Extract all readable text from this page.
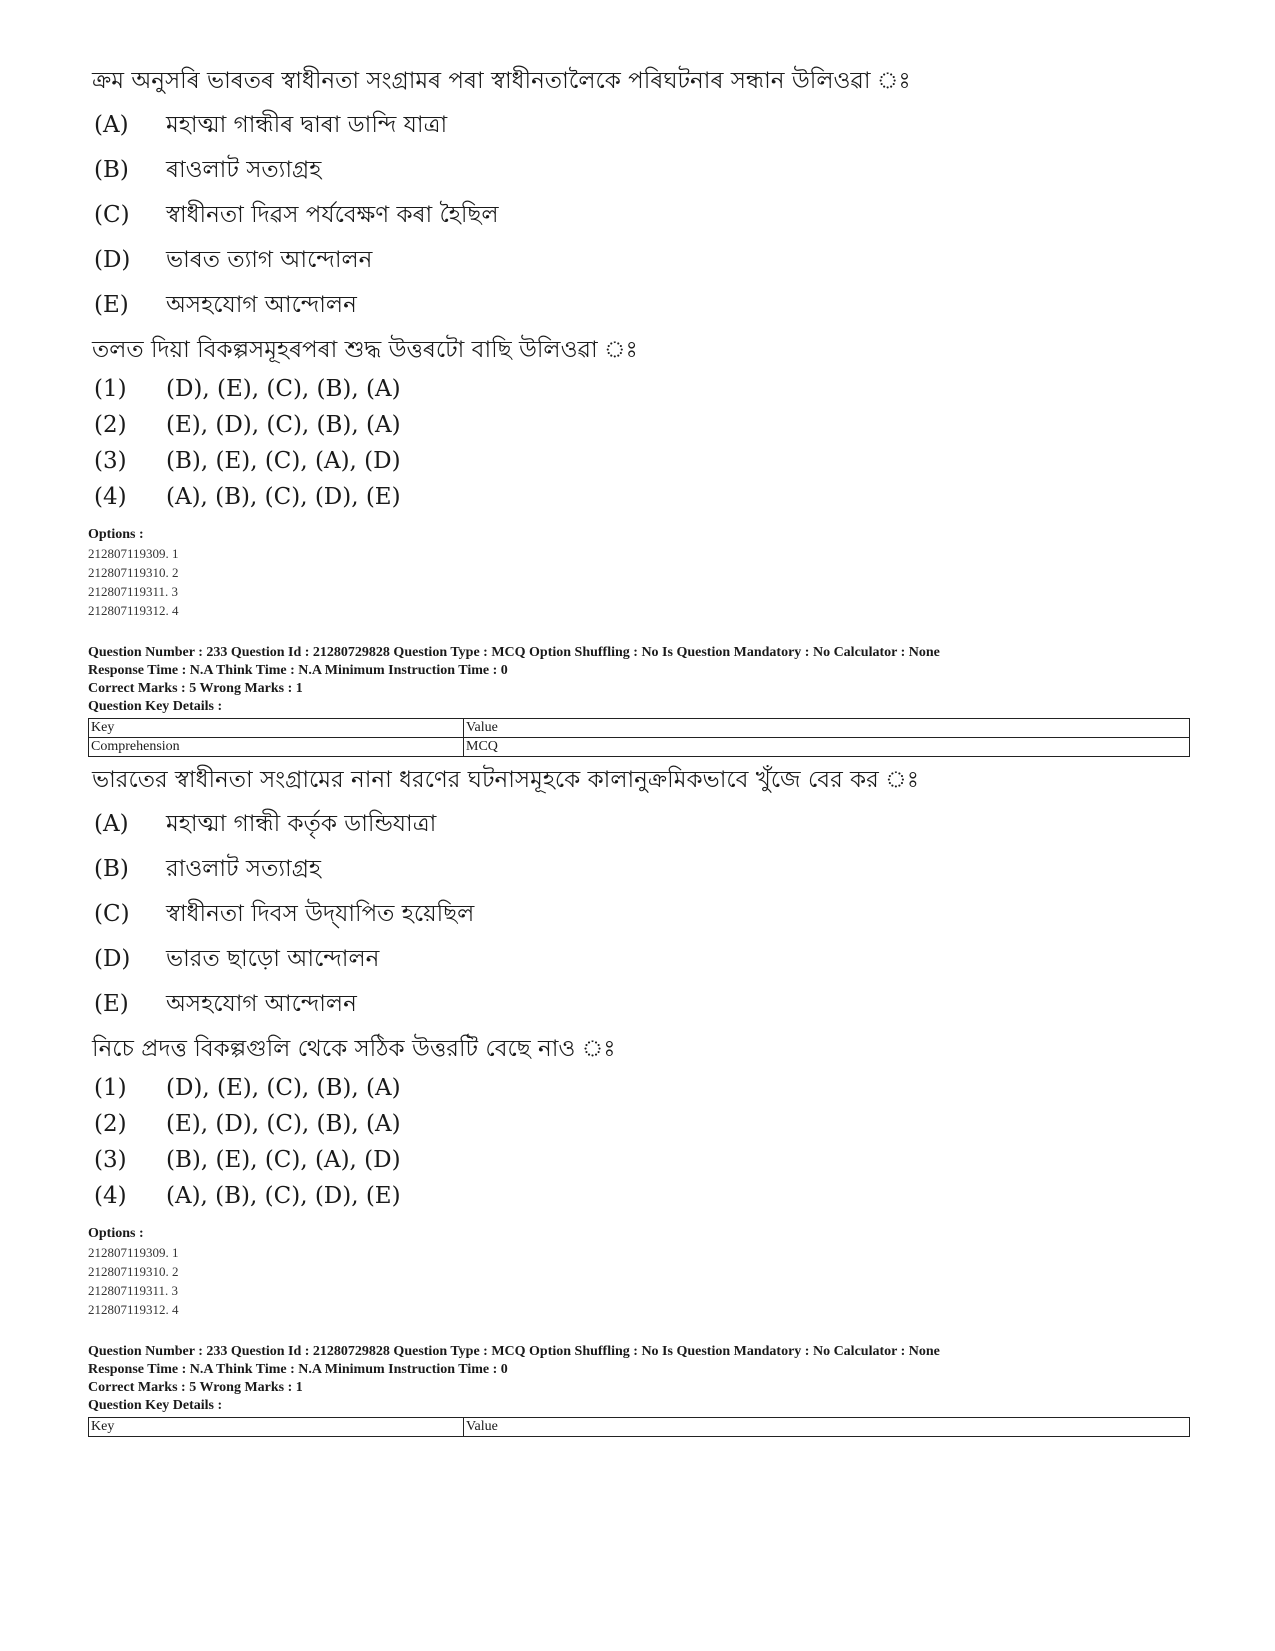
ক্ৰম অনুসৰি ভাৰতৰ স্বাধীনতা সংগ্ৰামৰ পৰা স্বাধীনতালৈকে পৰিঘটনাৰ সন্ধান উলিওৱা ঃ
(A)	মহাত্মা গান্ধীৰ দ্বাৰা ডান্দি যাত্ৰা
(B)	ৰাওলাট সত্যাগ্ৰহ
(C)	স্বাধীনতা দিৱস পৰ্যবেক্ষণ কৰা হৈছিল
(D)	ভাৰত ত্যাগ আন্দোলন
(E)	অসহযোগ আন্দোলন
তলত দিয়া বিকল্পসমূহৰপৰা শুদ্ধ উত্তৰটো বাছি উলিওৱা ঃ
(1)	(D), (E), (C), (B), (A)
(2)	(E), (D), (C), (B), (A)
(3)	(B), (E), (C), (A), (D)
(4)	(A), (B), (C), (D), (E)
Options :
212807119309. 1
212807119310. 2
212807119311. 3
212807119312. 4
Question Number : 233 Question Id : 21280729828 Question Type : MCQ Option Shuffling : No Is Question Mandatory : No Calculator : None
Response Time : N.A Think Time : N.A Minimum Instruction Time : 0
Correct Marks : 5 Wrong Marks : 1
Question Key Details :
Key	Value
Comprehension	MCQ
ভারতের স্বাধীনতা সংগ্রামের নানা ধরণের ঘটনাসমূহকে কালানুক্রমিকভাবে খুঁজে বের কর ঃ
(A)	মহাত্মা গান্ধী কর্তৃক ডান্ডিযাত্রা
(B)	রাওলাট সত্যাগ্রহ
(C)	স্বাধীনতা দিবস উদ্‌যাপিত হয়েছিল
(D)	ভারত ছাড়ো আন্দোলন
(E)	অসহযোগ আন্দোলন
নিচে প্রদত্ত বিকল্পগুলি থেকে সঠিক উত্তরটি বেছে নাও ঃ
(1)	(D), (E), (C), (B), (A)
(2)	(E), (D), (C), (B), (A)
(3)	(B), (E), (C), (A), (D)
(4)	(A), (B), (C), (D), (E)
Options :
212807119309. 1
212807119310. 2
212807119311. 3
212807119312. 4
Question Number : 233 Question Id : 21280729828 Question Type : MCQ Option Shuffling : No Is Question Mandatory : No Calculator : None
Response Time : N.A Think Time : N.A Minimum Instruction Time : 0
Correct Marks : 5 Wrong Marks : 1
Question Key Details :
Key	Value
